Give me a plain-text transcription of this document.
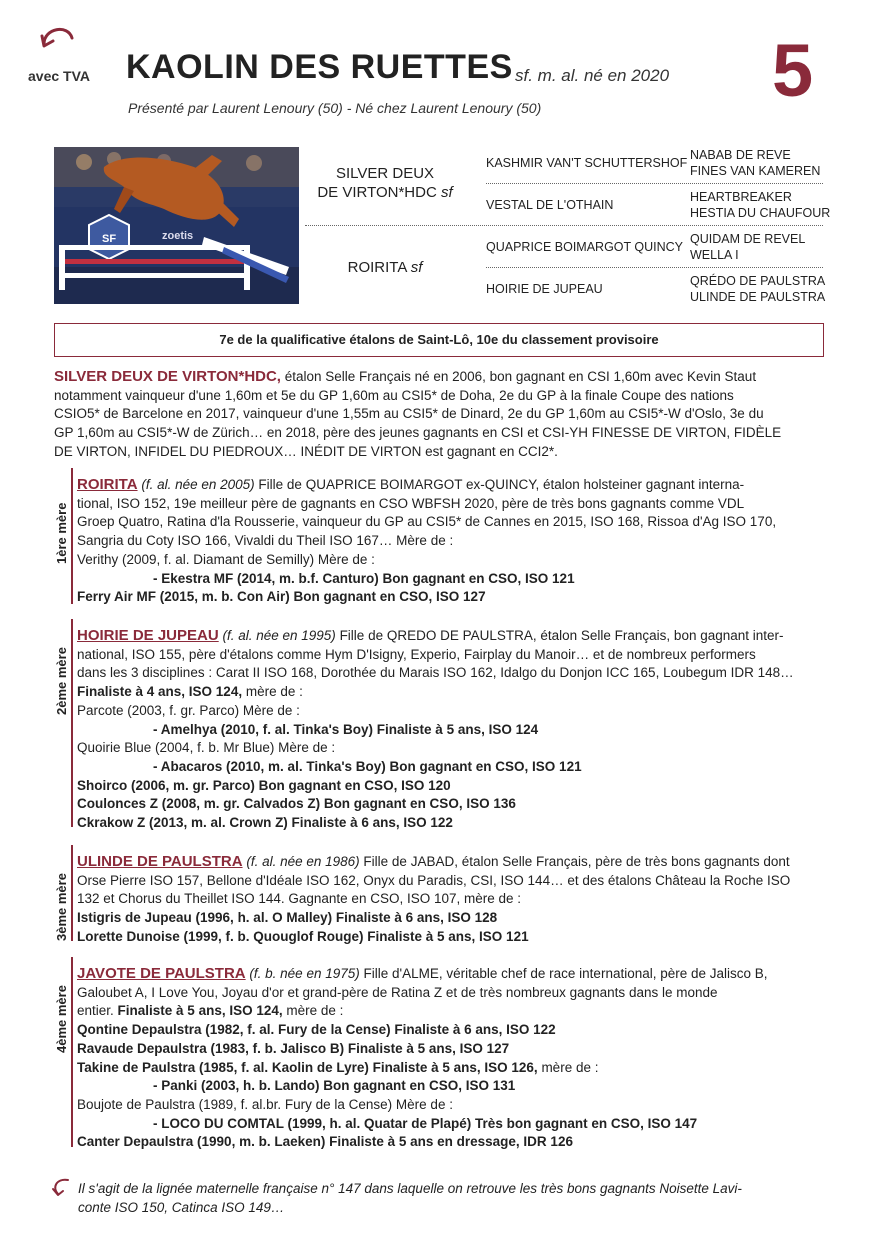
avec TVA KAOLIN DES RUETTES sf. m. al. né en 2020 5
Présenté par Laurent Lenoury (50) - Né chez Laurent Lenoury (50)
zoetis
SF
SILVER DEUX
DE VIRTON*HDC sf
ROIRITA sf
KASHMIR VAN'T SCHUTTERSHOF
VESTAL DE L'OTHAIN
QUAPRICE BOIMARGOT QUINCY
HOIRIE DE JUPEAU
NABAB DE REVE
FINES VAN KAMEREN
HEARTBREAKER
HESTIA DU CHAUFOUR
QUIDAM DE REVEL
WELLA I
QRÉDO DE PAULSTRA
ULINDE DE PAULSTRA
7e de la qualificative étalons de Saint-Lô, 10e du classement provisoire
SILVER DEUX DE VIRTON*HDC, étalon Selle Français né en 2006, bon gagnant en CSI 1,60m avec Kevin Staut
notamment vainqueur d'une 1,60m et 5e du GP 1,60m au CSI5* de Doha, 2e du GP à la finale Coupe des nations
CSIO5* de Barcelone en 2017, vainqueur d'une 1,55m au CSI5* de Dinard, 2e du GP 1,60m au CSI5*-W d'Oslo, 3e du
GP 1,60m au CSI5*-W de Zürich… en 2018, père des jeunes gagnants en CSI et CSI-YH FINESSE DE VIRTON, FIDÈLE
DE VIRTON, INFIDEL DU PIEDROUX… INÉDIT DE VIRTON est gagnant en CCI2*.
1ère mère
ROIRITA (f. al. née en 2005) Fille de QUAPRICE BOIMARGOT ex-QUINCY, étalon holsteiner gagnant interna-
tional, ISO 152, 19e meilleur père de gagnants en CSO WBFSH 2020, père de très bons gagnants comme VDL
Groep Quatro, Ratina d'la Rousserie, vainqueur du GP au CSI5* de Cannes en 2015, ISO 168, Rissoa d'Ag ISO 170,
Sangria du Coty ISO 166, Vivaldi du Theil ISO 167… Mère de :
Verithy (2009, f. al. Diamant de Semilly) Mère de :
- Ekestra MF (2014, m. b.f. Canturo) Bon gagnant en CSO, ISO 121
Ferry Air MF (2015, m. b. Con Air) Bon gagnant en CSO, ISO 127
2ème mère
HOIRIE DE JUPEAU (f. al. née en 1995) Fille de QREDO DE PAULSTRA, étalon Selle Français, bon gagnant inter-
national, ISO 155, père d'étalons comme Hym D'Isigny, Experio, Fairplay du Manoir… et de nombreux performers
dans les 3 disciplines : Carat II ISO 168, Dorothée du Marais ISO 162, Idalgo du Donjon ICC 165, Loubegum IDR 148…
Finaliste à 4 ans, ISO 124, mère de :
Parcote (2003, f. gr. Parco) Mère de :
- Amelhya (2010, f. al. Tinka's Boy) Finaliste à 5 ans, ISO 124
Quoirie Blue (2004, f. b. Mr Blue) Mère de :
- Abacaros (2010, m. al. Tinka's Boy) Bon gagnant en CSO, ISO 121
Shoirco (2006, m. gr. Parco) Bon gagnant en CSO, ISO 120
Coulonces Z (2008, m. gr. Calvados Z) Bon gagnant en CSO, ISO 136
Ckrakow Z (2013, m. al. Crown Z) Finaliste à 6 ans, ISO 122
3ème mère
ULINDE DE PAULSTRA (f. al. née en 1986) Fille de JABAD, étalon Selle Français, père de très bons gagnants dont
Orse Pierre ISO 157, Bellone d'Idéale ISO 162, Onyx du Paradis, CSI, ISO 144… et des étalons Château la Roche ISO
132 et Chorus du Theillet ISO 144. Gagnante en CSO, ISO 107, mère de :
Istigris de Jupeau (1996, h. al. O Malley) Finaliste à 6 ans, ISO 128
Lorette Dunoise (1999, f. b. Quouglof Rouge) Finaliste à 5 ans, ISO 121
4ème mère
JAVOTE DE PAULSTRA (f. b. née en 1975) Fille d'ALME, véritable chef de race international, père de Jalisco B,
Galoubet A, I Love You, Joyau d'or et grand-père de Ratina Z et de très nombreux gagnants dans le monde
entier. Finaliste à 5 ans, ISO 124, mère de :
Qontine Depaulstra (1982, f. al. Fury de la Cense) Finaliste à 6 ans, ISO 122
Ravaude Depaulstra (1983, f. b. Jalisco B) Finaliste à 5 ans, ISO 127
Takine de Paulstra (1985, f. al. Kaolin de Lyre) Finaliste à 5 ans, ISO 126, mère de :
- Panki (2003, h. b. Lando) Bon gagnant en CSO, ISO 131
Boujote de Paulstra (1989, f. al.br. Fury de la Cense) Mère de :
- LOCO DU COMTAL (1999, h. al. Quatar de Plapé) Très bon gagnant en CSO, ISO 147
Canter Depaulstra (1990, m. b. Laeken) Finaliste à 5 ans en dressage, IDR 126
Il s'agit de la lignée maternelle française n° 147 dans laquelle on retrouve les très bons gagnants Noisette Lavi-
conte ISO 150, Catinca ISO 149…
